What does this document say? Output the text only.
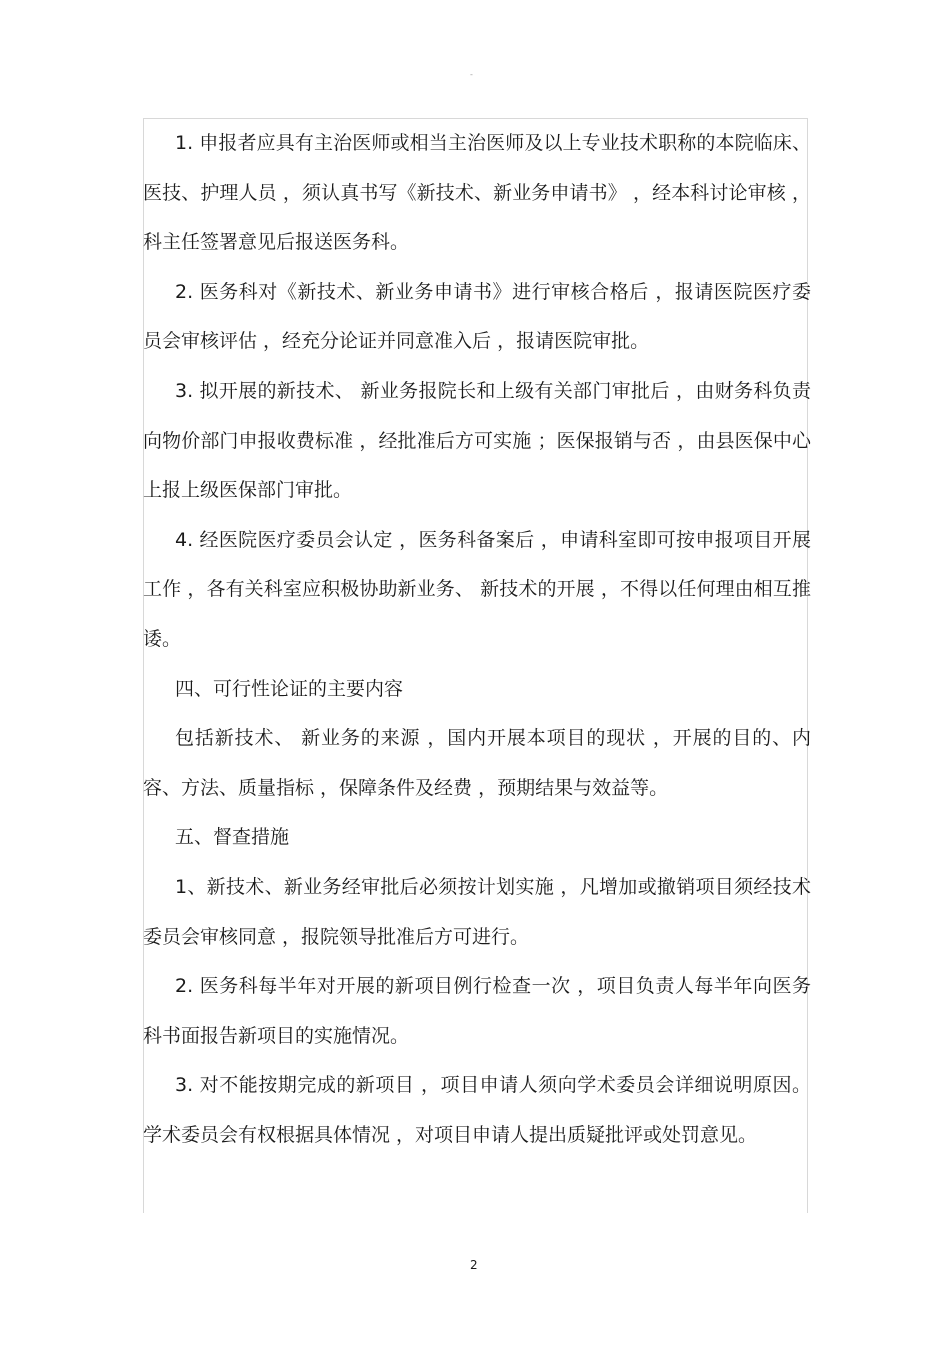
-

1. 申报者应具有主治医师或相当主治医师及以上专业技术职称的本院临床、医技、护理人员 ，须认真书写《新技术、新业务申请书》 ，经本科讨论审核 ，科主任签署意见后报送医务科。

2. 医务科对《新技术、新业务申请书》进行审核合格后 ，报请医院医疗委员会审核评估 ，经充分论证并同意准入后 ，报请医院审批。

3. 拟开展的新技术、 新业务报院长和上级有关部门审批后 ，由财务科负责向物价部门申报收费标准 ，经批准后方可实施 ；医保报销与否 ，由县医保中心上报上级医保部门审批。

4. 经医院医疗委员会认定 ，医务科备案后 ，申请科室即可按申报项目开展工作 ，各有关科室应积极协助新业务、 新技术的开展 ，不得以任何理由相互推诿。

四、可行性论证的主要内容

包括新技术、 新业务的来源 ，国内开展本项目的现状 ，开展的目的、内容、方法、质量指标 ，保障条件及经费 ，预期结果与效益等。

五、督查措施

1、新技术、新业务经审批后必须按计划实施 ，凡增加或撤销项目须经技术委员会审核同意 ，报院领导批准后方可进行。

2. 医务科每半年对开展的新项目例行检查一次 ，项目负责人每半年向医务科书面报告新项目的实施情况。

3. 对不能按期完成的新项目 ，项目申请人须向学术委员会详细说明原因。学术委员会有权根据具体情况 ，对项目申请人提出质疑批评或处罚意见。

2
